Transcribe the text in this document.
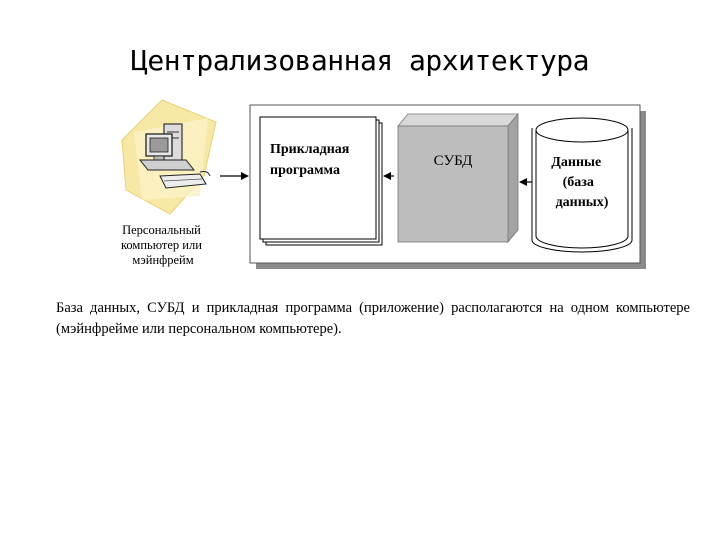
Централизованная архитектура
Персональный компьютер или мэйнфрейм
Прикладная программа
СУБД	Данные (база данных)
База данных, СУБД и прикладная программа (приложение) располагаются на одном компьютере (мэйнфрейме или персональном компьютере).
